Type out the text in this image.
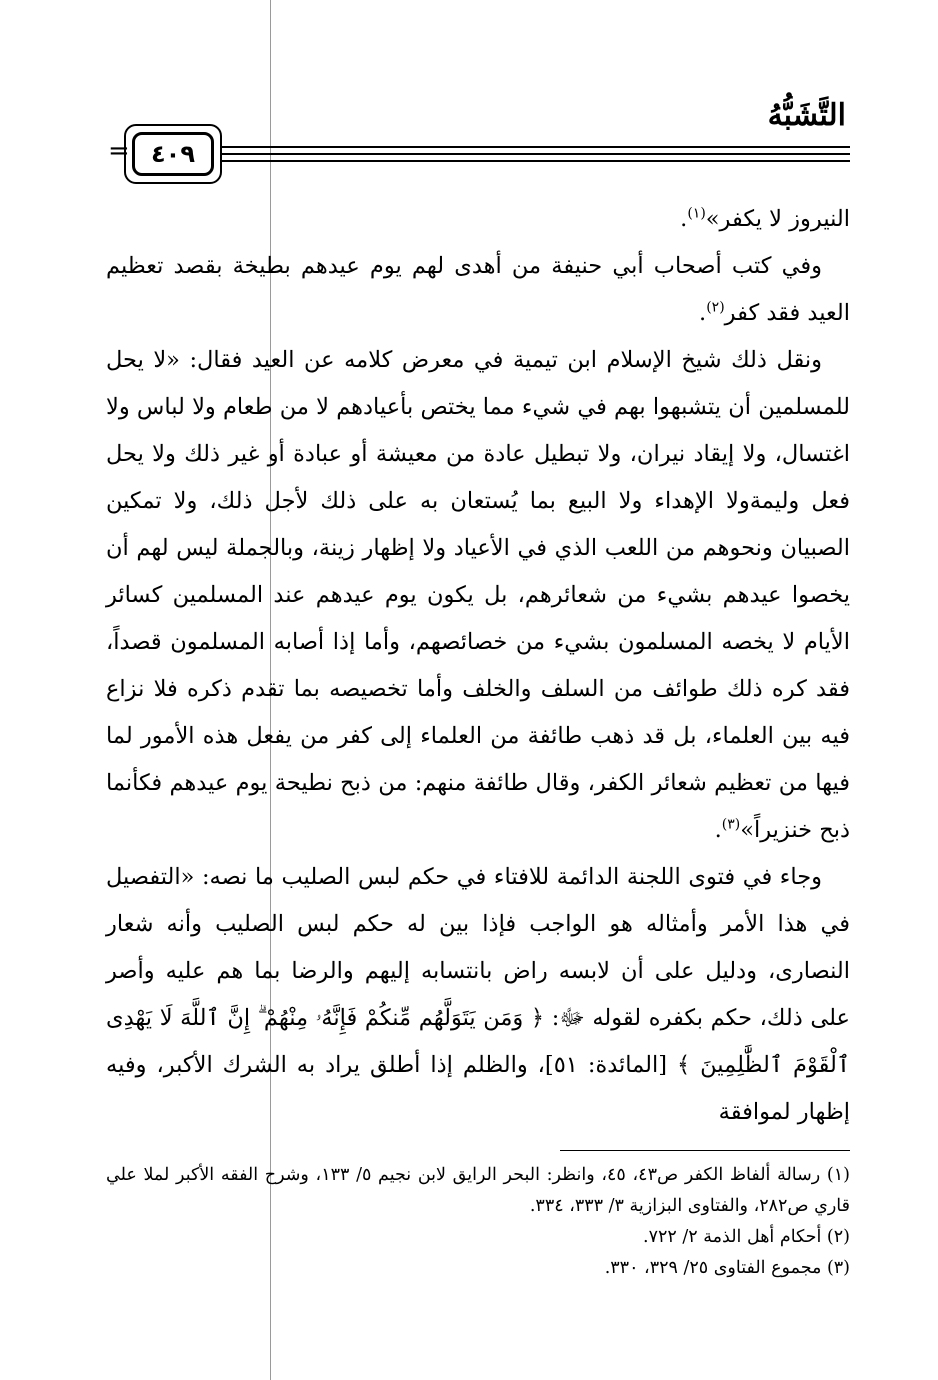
التَّشَبُّهُ
= ٤٠٩

النيروز لا يكفر»$^{(١)}$.

وفي كتب أصحاب أبي حنيفة من أهدى لهم يوم عيدهم بطيخة بقصد تعظيم العيد فقد كفر$^{(٢)}$.

ونقل ذلك شيخ الإسلام ابن تيمية في معرض كلامه عن العيد فقال: «لا يحل للمسلمين أن يتشبهوا بهم في شيء مما يختص بأعيادهم لا من طعام ولا لباس ولا اغتسال، ولا إيقاد نيران، ولا تبطيل عادة من معيشة أو عبادة أو غير ذلك ولا يحل فعل وليمةولا الإهداء ولا البيع بما يُستعان به على ذلك لأجل ذلك، ولا تمكين الصبيان ونحوهم من اللعب الذي في الأعياد ولا إظهار زينة، وبالجملة ليس لهم أن يخصوا عيدهم بشيء من شعائرهم، بل يكون يوم عيدهم عند المسلمين كسائر الأيام لا يخصه المسلمون بشيء من خصائصهم، وأما إذا أصابه المسلمون قصداً، فقد كره ذلك طوائف من السلف والخلف وأما تخصيصه بما تقدم ذكره فلا نزاع فيه بين العلماء، بل قد ذهب طائفة من العلماء إلى كفر من يفعل هذه الأمور لما فيها من تعظيم شعائر الكفر، وقال طائفة منهم: من ذبح نطيحة يوم عيدهم فكأنما ذبح خنزيراً»$^{(٣)}$.

وجاء في فتوى اللجنة الدائمة للافتاء في حكم لبس الصليب ما نصه: «التفصيل في هذا الأمر وأمثاله هو الواجب فإذا بين له حكم لبس الصليب وأنه شعار النصارى، ودليل على أن لابسه راض بانتسابه إليهم والرضا بما هم عليه وأصر على ذلك، حكم بكفره لقوله ﷻ: ﴿ وَمَن يَتَوَلَّهُم مِّنكُمْ فَإِنَّهُۥ مِنْهُمْ ۗ إِنَّ ٱللَّهَ لَا يَهْدِى ٱلْقَوْمَ ٱلظَّٰلِمِينَ ﴾ [المائدة: ٥١]، والظلم إذا أطلق يراد به الشرك الأكبر، وفيه إظهار لموافقة

(١) رسالة ألفاظ الكفر ص٤٣، ٤٥، وانظر: البحر الرايق لابن نجيم ٥/ ١٣٣، وشرح الفقه الأكبر لملا علي قاري ص٢٨٢، والفتاوى البزازية ٣/ ٣٣٣، ٣٣٤.

(٢) أحكام أهل الذمة ٢/ ٧٢٢.

(٣) مجموع الفتاوى ٢٥/ ٣٢٩، ٣٣٠.
